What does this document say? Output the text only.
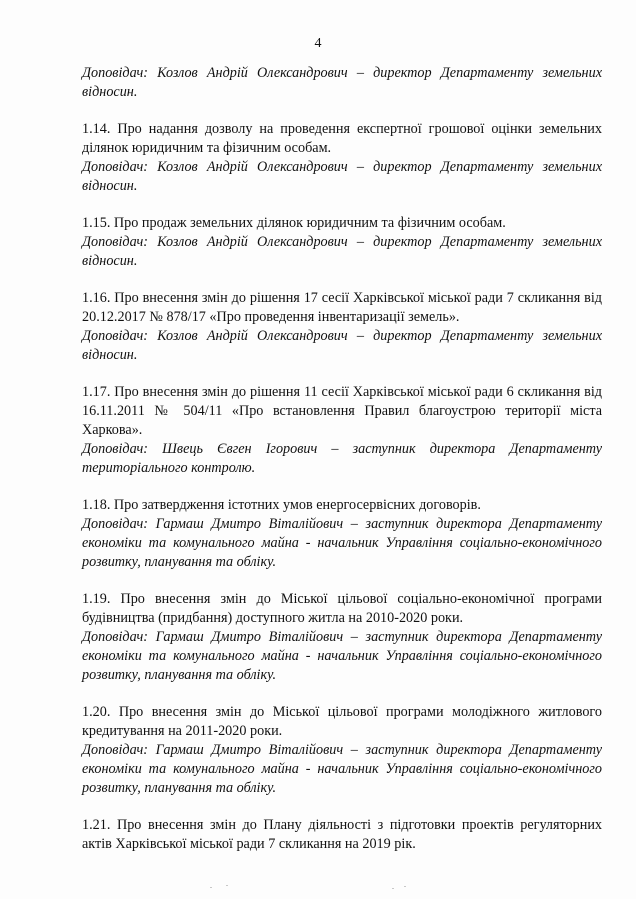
4

Доповідач: Козлов Андрій Олександрович – директор Департаменту земельних відносин.

1.14. Про надання дозволу на проведення експертної грошової оцінки земельних ділянок юридичним та фізичним особам.

Доповідач: Козлов Андрій Олександрович – директор Департаменту земельних відносин.

1.15. Про продаж земельних ділянок юридичним та фізичним особам.

Доповідач: Козлов Андрій Олександрович – директор Департаменту земельних відносин.

1.16. Про внесення змін до рішення 17 сесії Харківської міської ради 7 скликання від 20.12.2017 № 878/17 «Про проведення інвентаризації земель».

Доповідач: Козлов Андрій Олександрович – директор Департаменту земельних відносин.

1.17. Про внесення змін до рішення 11 сесії Харківської міської ради 6 скликання від 16.11.2011 № 504/11 «Про встановлення Правил благоустрою території міста Харкова».

Доповідач: Швець Євген Ігорович – заступник директора Департаменту територіального контролю.

1.18. Про затвердження істотних умов енергосервісних договорів.

Доповідач: Гармаш Дмитро Віталійович – заступник директора Департаменту економіки та комунального майна - начальник Управління соціально-економічного розвитку, планування та обліку.

1.19. Про внесення змін до Міської цільової соціально-економічної програми будівництва (придбання) доступного житла на 2010-2020 роки.

Доповідач: Гармаш Дмитро Віталійович – заступник директора Департаменту економіки та комунального майна - начальник Управління соціально-економічного розвитку, планування та обліку.

1.20. Про внесення змін до Міської цільової програми молодіжного житлового кредитування на 2011-2020 роки.

Доповідач: Гармаш Дмитро Віталійович – заступник директора Департаменту економіки та комунального майна - начальник Управління соціально-економічного розвитку, планування та обліку.

1.21. Про внесення змін до Плану діяльності з підготовки проектів регуляторних актів Харківської міської ради 7 скликання на 2019 рік.
